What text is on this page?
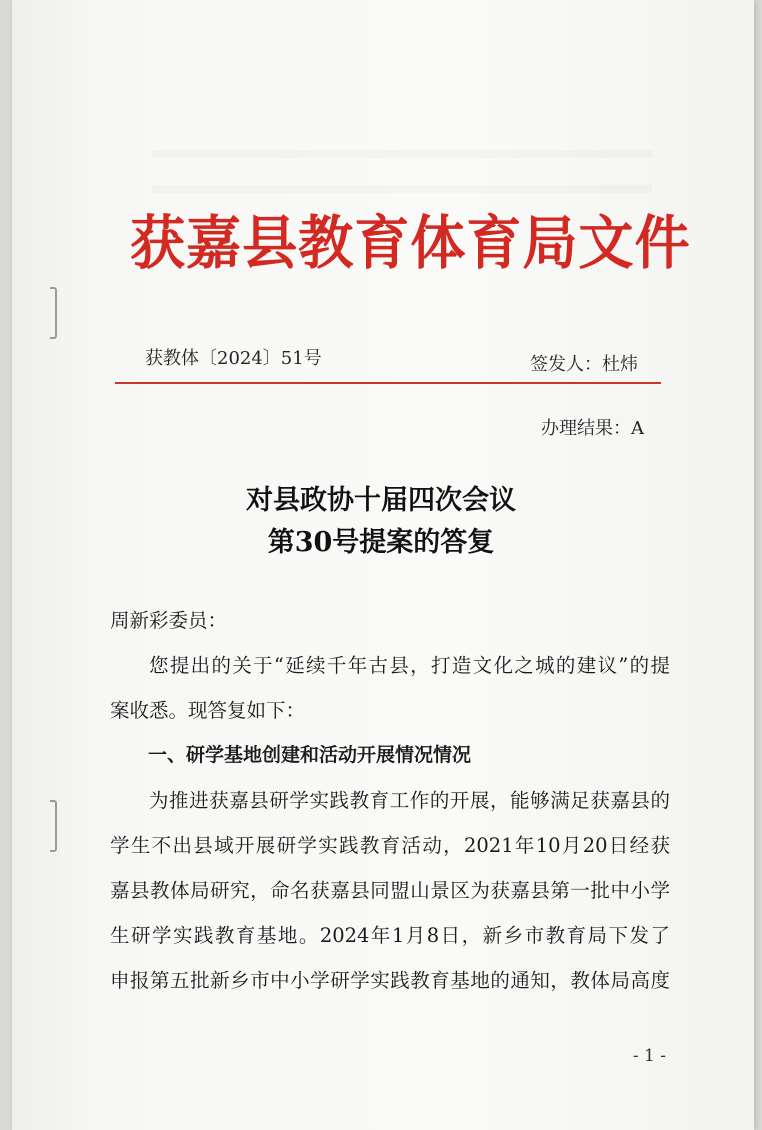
获嘉县教育体育局文件
获教体〔2024〕51号	签发人：杜炜
办理结果：A
对县政协十届四次会议
第30号提案的答复

周新彩委员：

您提出的关于“延续千年古县，打造文化之城的建议”的提

案收悉。现答复如下：

一、研学基地创建和活动开展情况情况

为推进获嘉县研学实践教育工作的开展，能够满足获嘉县的

学生不出县域开展研学实践教育活动，2021年10月20日经获

嘉县教体局研究，命名获嘉县同盟山景区为获嘉县第一批中小学

生研学实践教育基地。2024年1月8日，新乡市教育局下发了

申报第五批新乡市中小学研学实践教育基地的通知，教体局高度

- 1 -
